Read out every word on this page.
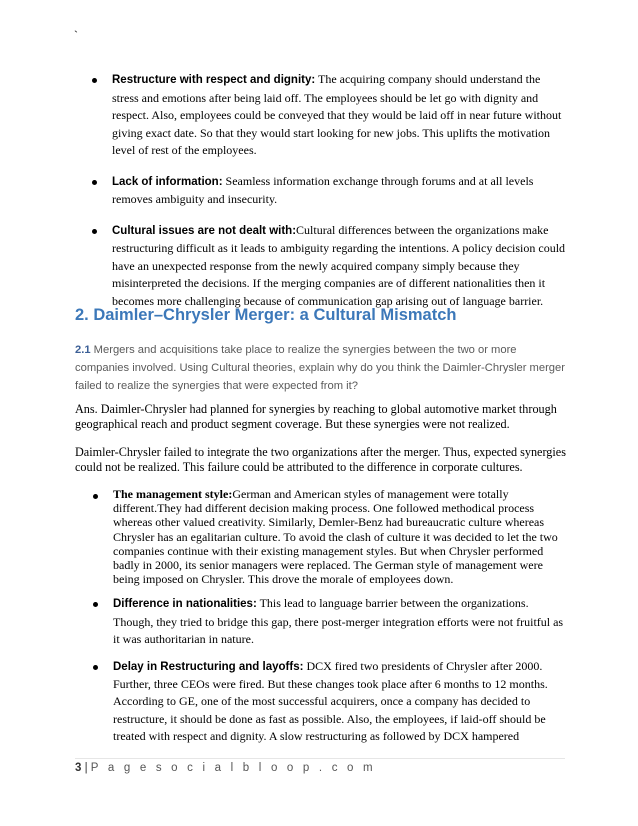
`
Restructure with respect and dignity: The acquiring company should understand the stress and emotions after being laid off. The employees should be let go with dignity and respect. Also, employees could be conveyed that they would be laid off in near future without giving exact date. So that they would start looking for new jobs. This uplifts the motivation level of rest of the employees.
Lack of information: Seamless information exchange through forums and at all levels removes ambiguity and insecurity.
Cultural issues are not dealt with:Cultural differences between the organizations make restructuring difficult as it leads to ambiguity regarding the intentions. A policy decision could have an unexpected response from the newly acquired company simply because they misinterpreted the decisions. If the merging companies are of different nationalities then it becomes more challenging because of communication gap arising out of language barrier.
2. Daimler–Chrysler Merger: a Cultural Mismatch

2.1 Mergers and acquisitions take place to realize the synergies between the two or more companies involved. Using Cultural theories, explain why do you think the Daimler-Chrysler merger failed to realize the synergies that were expected from it?

Ans. Daimler-Chrysler had planned for synergies by reaching to global automotive market through geographical reach and product segment coverage. But these synergies were not realized.

Daimler-Chrysler failed to integrate the two organizations after the merger. Thus, expected synergies could not be realized. This failure could be attributed to the difference in corporate cultures.

The management style:German and American styles of management were totally different.They had different decision making process. One followed methodical process whereas other valued creativity. Similarly, Demler-Benz had bureaucratic culture whereas Chrysler has an egalitarian culture. To avoid the clash of culture it was decided to let the two companies continue with their existing management styles. But when Chrysler performed badly in 2000, its senior managers were replaced. The German style of management were being imposed on Chrysler. This drove the morale of employees down.
Difference in nationalities: This lead to language barrier between the organizations. Though, they tried to bridge this gap, there post-merger integration efforts were not fruitful as it was authoritarian in nature.
Delay in Restructuring and layoffs: DCX fired two presidents of Chrysler after 2000. Further, three CEOs were fired. But these changes took place after 6 months to 12 months. According to GE, one of the most successful acquirers, once a company has decided to restructure, it should be done as fast as possible. Also, the employees, if laid-off should be treated with respect and dignity. A slow restructuring as followed by DCX hampered
3 | P a g e s o c i a l b l o o p . c o m
